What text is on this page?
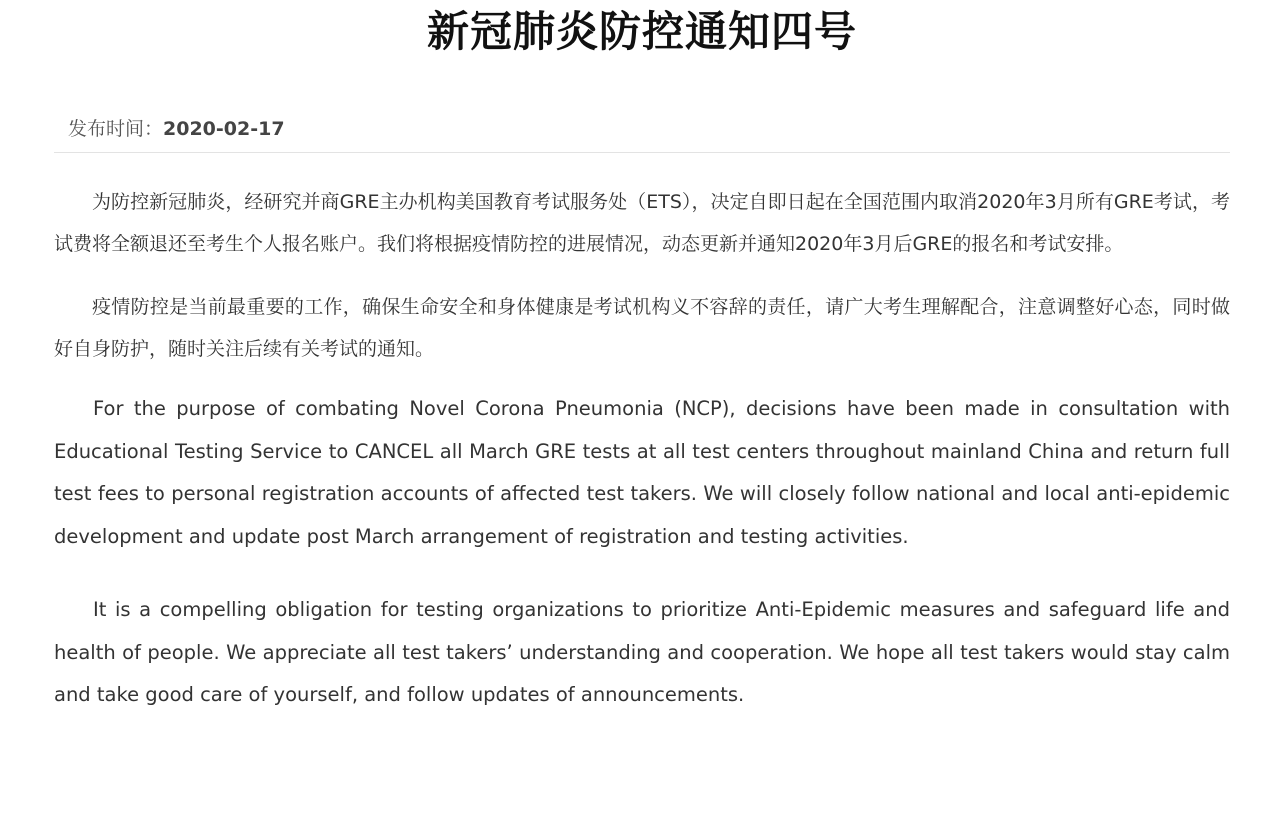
新冠肺炎防控通知四号
发布时间：2020-02-17

为防控新冠肺炎，经研究并商GRE主办机构美国教育考试服务处（ETS），决定自即日起在全国范围内取消2020年3月所有GRE考试，考试费将全额退还至考生个人报名账户。我们将根据疫情防控的进展情况，动态更新并通知2020年3月后GRE的报名和考试安排。

疫情防控是当前最重要的工作，确保生命安全和身体健康是考试机构义不容辞的责任，请广大考生理解配合，注意调整好心态，同时做好自身防护，随时关注后续有关考试的通知。

For the purpose of combating Novel Corona Pneumonia (NCP), decisions have been made in consultation with Educational Testing Service to CANCEL all March GRE tests at all test centers throughout mainland China and return full test fees to personal registration accounts of affected test takers. We will closely follow national and local anti-epidemic development and update post March arrangement of registration and testing activities.

It is a compelling obligation for testing organizations to prioritize Anti-Epidemic measures and safeguard life and health of people. We appreciate all test takers’ understanding and cooperation. We hope all test takers would stay calm and take good care of yourself, and follow updates of announcements.
